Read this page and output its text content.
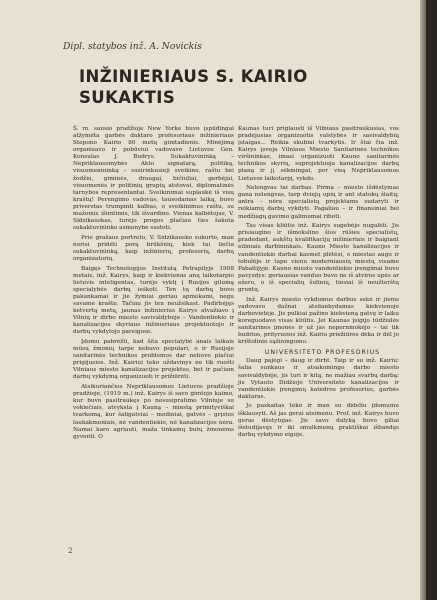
Dipl. statybos inž. A. Novickis
INŽINIERIAUS S. KAIRIO
SUKAKTIS

Š. m. sausio pradžioje New Yorke buvo įspūdingai atžymėta garbės daktaro profesoriaus inžinieriaus Stepono Kairio 80 metų gimtadienis. Minėjimą organizavo ir pobūviui vadovavo Lietuvos Gen. Konsulas J. Budrys. Sukaktuvininką – Nepriklausomybės Akto signatarą, politiką, visuomenininką – susirinkusieji sveikino, raštu bei žodžiu, giminės, draugai, bičiuliai, gerbėjai, visuomenės ir politinių grupių atstovai, diplomatinės tarnybos representantai. Sveikinimai suplaukė iš visų kraštų! Perengimo vadovas, tausodamas laiką, buvo priverstas trumpinti kalbas, o sveikinimus raštu, su mažomis išimtimis, tik išvardino. Vienas kalbėtojas, V. Sidzikauskas, turėjo progos plačiau ties šakota sukaktuvininko asmenybe sustoti.

Prie gražaus portreto, V. Sidzikausko sukurto, man norisi pridėti porą brūkšnių, kiek tai liečia sukaktuvininką, kaip inžinierių, profesorių, darbų organizatorių.

Baigęs Technologijos Institutą Petrapilyje 1908 metais, inž. Kairys, kaip ir kiekvienas anų laikotarpio lietuvis inteligentas, turėjo vyktį į Rusijos gilumą specialybės darbų ieškoti. Ten tų darbų buvo pakankamai ir jie žymiai geriau apmokami, negu savame krašte. Tačiau jis ten neužsikast. Padirbėjęs ketvertą metų, jaunas inžinierius Kairys atvažiavo į Vilnių ir dirbo miesto savivaldybėje – Vandentiekio ir kanalizacijos skyriaus inžinieriaus projektuotojo ir darbų vykdytojo pareigose.

Įdomu pabrėžti, kad šita specialybė anais laikais mūsų žmonių tarpe nebuvo populari, o ir Rusijoje sanitarinės technikos problemos dar nebuvo plačiai prigijusios. Inž. Kairiui teko uždavinys ne tik ruošti Vilniaus miesto kanalizacijos projektus, bet ir pačiam darbų vykdymą organizuoti ir prižiūrėti.

Atsikuriančios Nepriklausomos Lietuvos pradžioje pradžioje, (1919 m.) inž. Kairys iš savo gimtojo kaimo, kur buvo pasitraukęs po nesusipratimo Vilniuje su vokiečiais, atvyksta į Kauną – miestą primityviškai tvarkomą, kur šaligatviai – mediniai, gatvės – grįstos laukakmeniais, nė vandentiekio, nė kanalizacijos nėra. Namai karo agriauti, maža tinkamų butų žmonėms gyventi. O

Kaunas turi priglausti iš Vilniaus pasitraukusias, vos pradėjusias organizuotis valstybės ir savivaldybių įstaigas... Reikia skubiai tvarkytis. Ir štai čia inž. Kairys įsveja Vilniaus Miesto Sanitarinės technikos viršininkas, imasi organizuoti Kauno sanitarinės technikos skyrių, suprojektuoja kanalizacijos darbų planą ir jį sėkmingai, per visą Nepriklausomos Lietuvos laikotarpį, vykdo.

Nelengvas tai darbas. Pirma – miesto išdėstymas gana nelengvas, tarp dviejų upių ir ant statokų šlaitų; antra – nėra specialistų projektams sudaryti ir reikiamų darbų vykdyti. Pagaliau – ir finansiniai bei medžiagų gavimo galimumai riboti.

Tas visas kliūtis inž. Kairys sugebėjo nugalėti. Jis prisiaugino ir išmokslino šios rūšies specialistų, pradedant, aukštų kvalifikacijų inžinieriais ir baigiant eiliniais darbininkais. Kauno Miesto kanalizacijos ir vandentiekio darbai kasmet plėtėsi, o miestas augo ir tobulėjo ir tapo vienu moderniausių miestų visame Pabaltijyje. Kauno miesto vandentiekio įrengimai buvo pavyzdys: geriausias vanduo buvo ne iš atviros upės ar ežero, o iš specialių šulinių, tiesiai iš neužterštų gruntų.

Inž. Kairys miesto vykdomus darbus sekė ir jiems vadovavo dažnai atsilankydamas kiekvienoje darbovietėje. Jis pulkiai pažino kiekvieną gatvę ir laiku koreguodavo visas kliūtis. Jei Kaunas įsigijo tūdžiulės sanitarines įmones ir už jas nepernmokėjo – tai tik budrios, prityrusios inž. Kairio priežiūros dėka ir dėl jo krištolinio sąžiningumo.

UNIVERSITETO PROFESORIUS

Daug pajėgi – daug ir dirbt. Taip ir su inž. Kairiu: šalia sunkaus ir atsakomingo darbo miesto savivaldybėje, jis turi ir kitą, ne mažiau svarbų darbą: jis Vytauto Didžiojo Universiteto kanalizacijos ir vandentiekio įrengimų katedros profesorius, garbės daktaras.

Jo paskaitas teko ir man su dideliu įdomumu išklausyti. Aš jas gerai atsimenu. Prof. inž. Kairys buvo geras dėstytojas. Jis savo dalyką buvo giliai išstudijavęs ir iki smulkmenų praktiškai išbandęs darbų vykdymo eigoje.

2
